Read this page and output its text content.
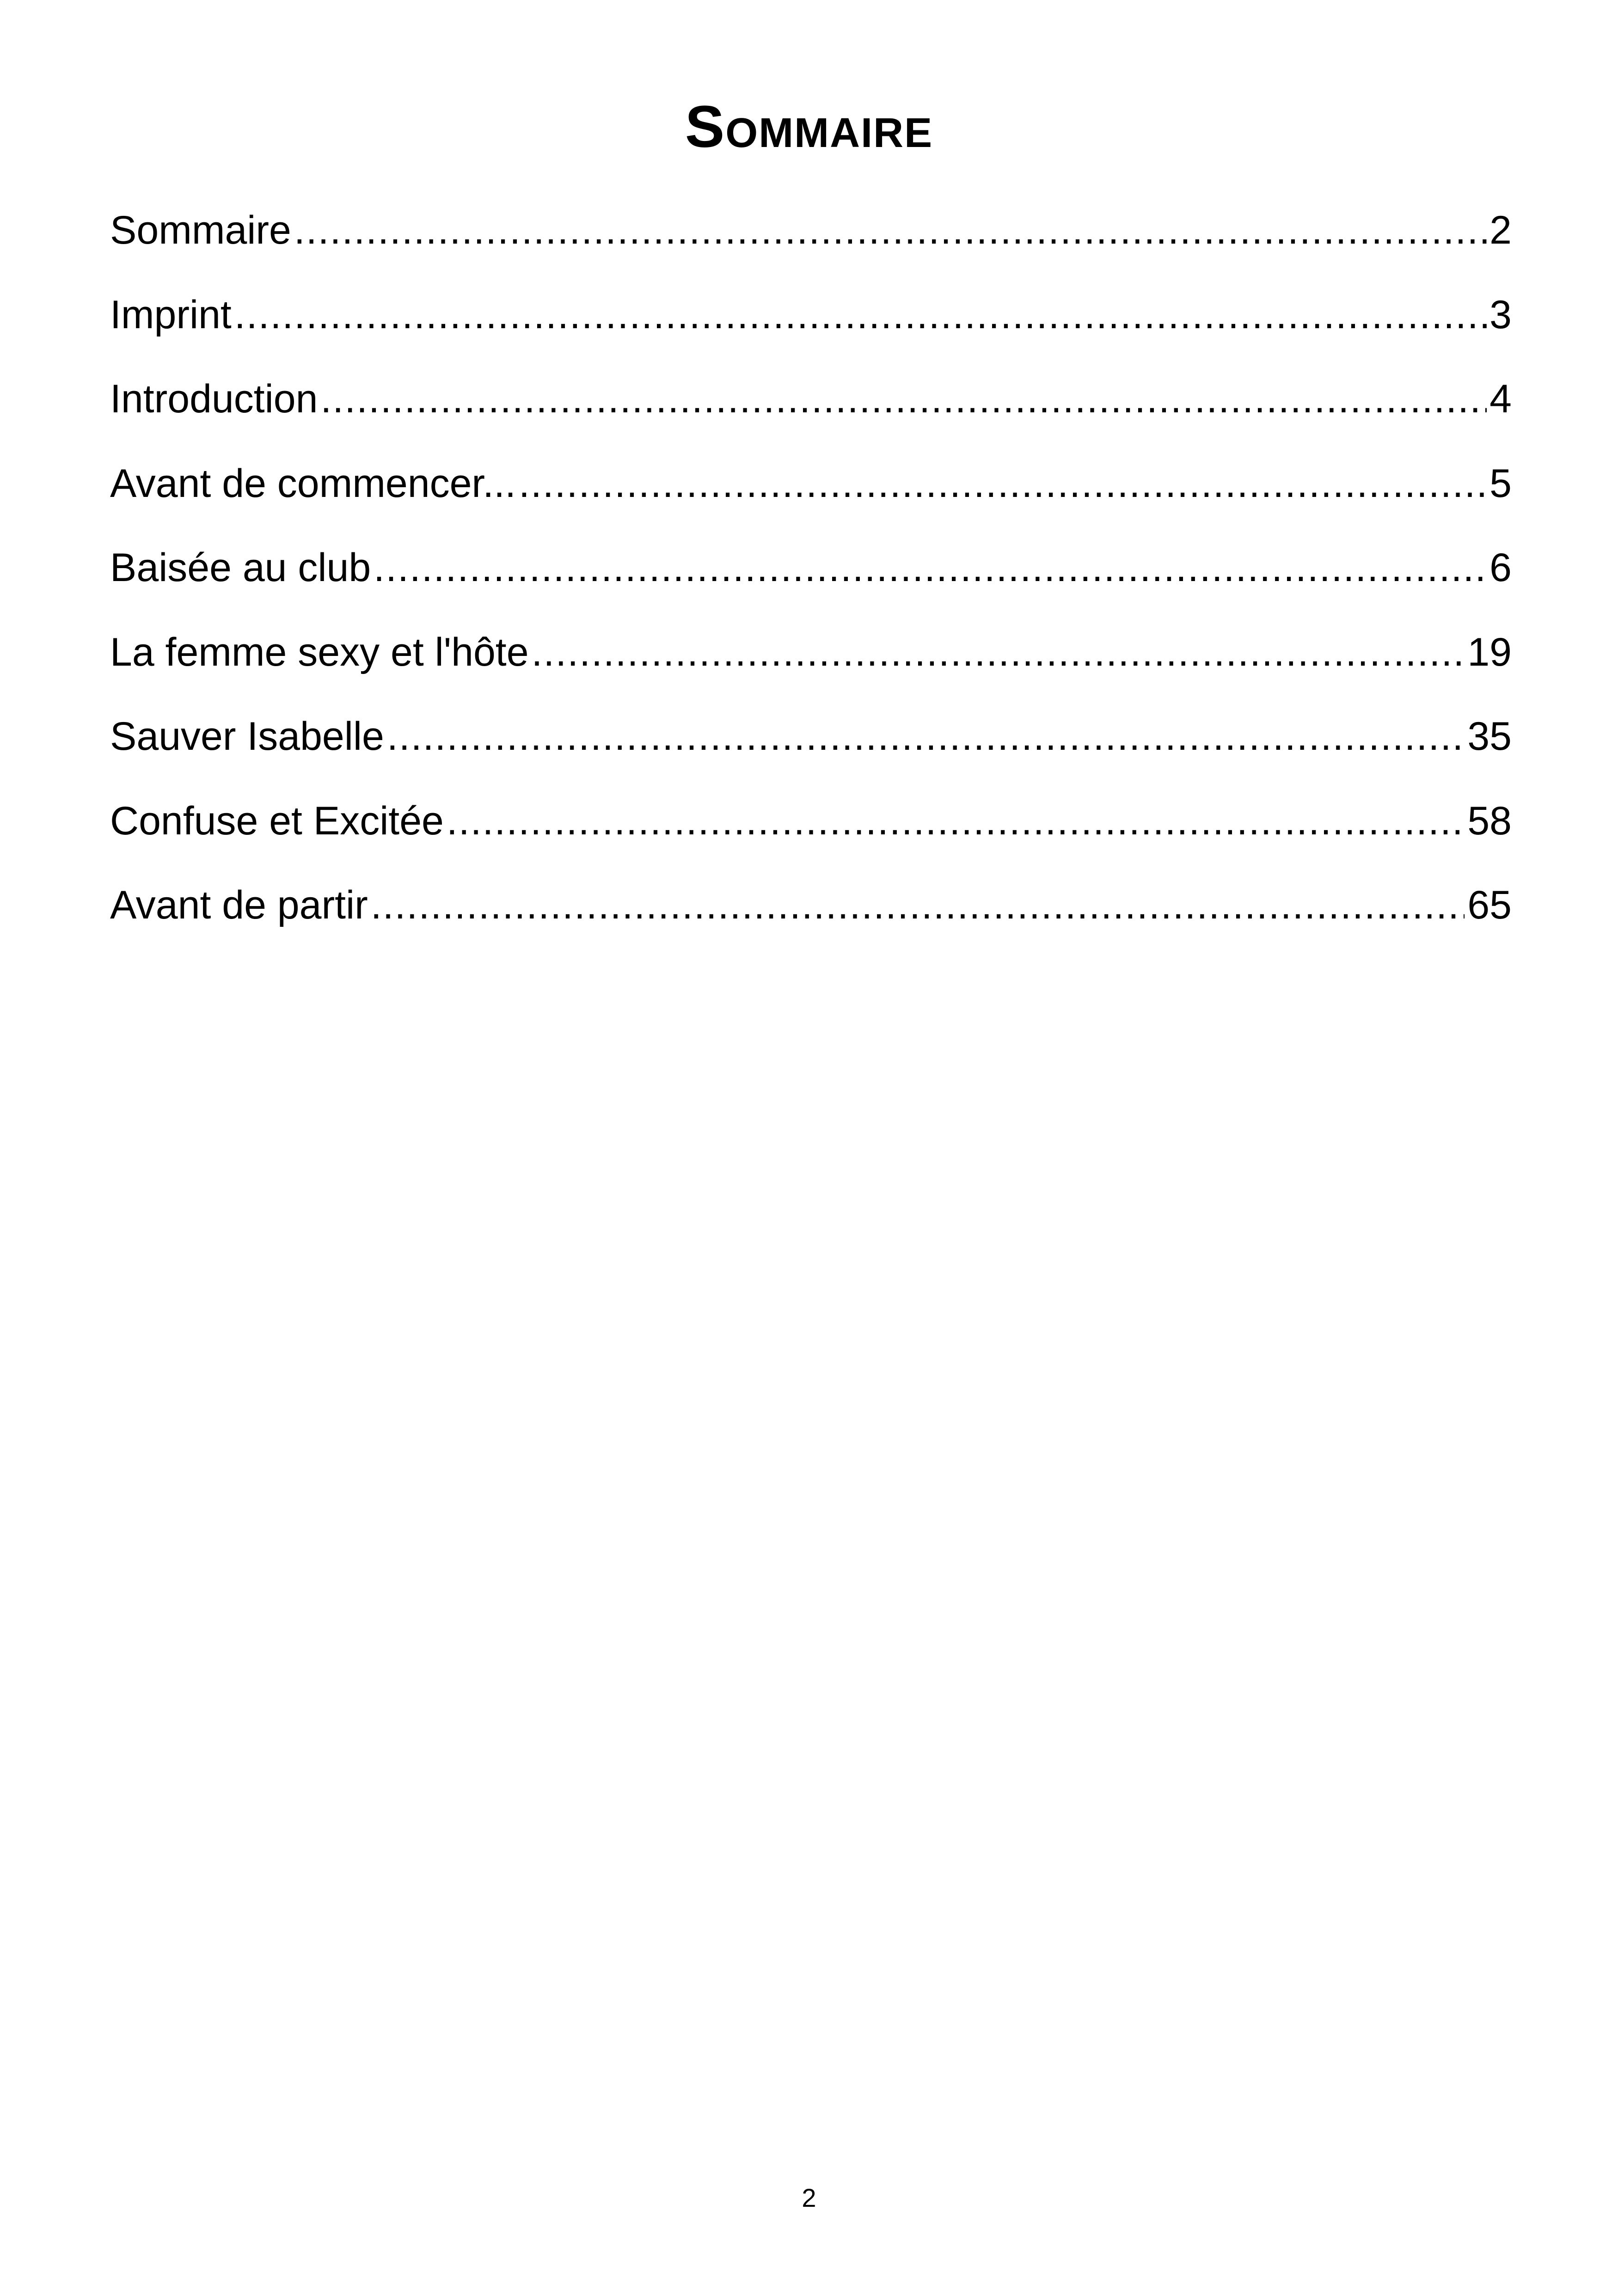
Sommaire
Sommaire .....	2
Imprint .....	3
Introduction .....	4
Avant de commencer... .....	5
Baisée au club .....	6
La femme sexy et l'hôte .....	19
Sauver Isabelle .....	35
Confuse et Excitée .....	58
Avant de partir .....	65
2
